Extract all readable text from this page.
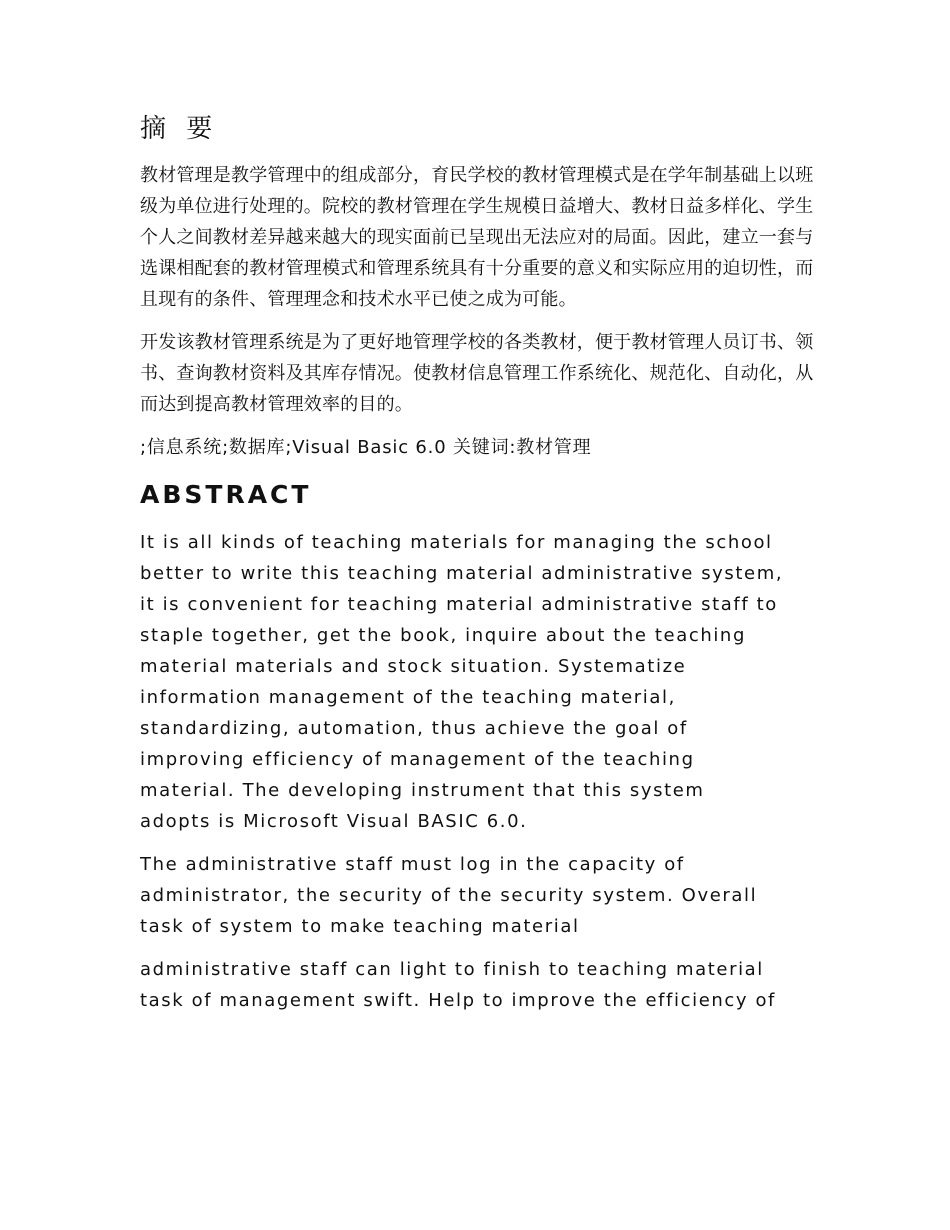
摘 要

教材管理是教学管理中的组成部分，育民学校的教材管理模式是在学年制基础上以班级为单位进行处理的。院校的教材管理在学生规模日益增大、教材日益多样化、学生个人之间教材差异越来越大的现实面前已呈现出无法应对的局面。因此，建立一套与选课相配套的教材管理模式和管理系统具有十分重要的意义和实际应用的迫切性，而且现有的条件、管理理念和技术水平已使之成为可能。

开发该教材管理系统是为了更好地管理学校的各类教材，便于教材管理人员订书、领书、查询教材资料及其库存情况。使教材信息管理工作系统化、规范化、自动化，从而达到提高教材管理效率的目的。

;信息系统;数据库;Visual Basic 6.0 关键词:教材管理

ABSTRACT

It is all kinds of teaching materials for managing the school
better to write this teaching material administrative system,
it is convenient for teaching material administrative staff to
staple together, get the book, inquire about the teaching
material materials and stock situation. Systematize
information management of the teaching material,
standardizing, automation, thus achieve the goal of
improving efficiency of management of the teaching
material. The developing instrument that this system
adopts is Microsoft Visual BASIC 6.0.

The administrative staff must log in the capacity of
administrator, the security of the security system. Overall
task of system to make teaching material

administrative staff can light to finish to teaching material
task of management swift. Help to improve the efficiency of
